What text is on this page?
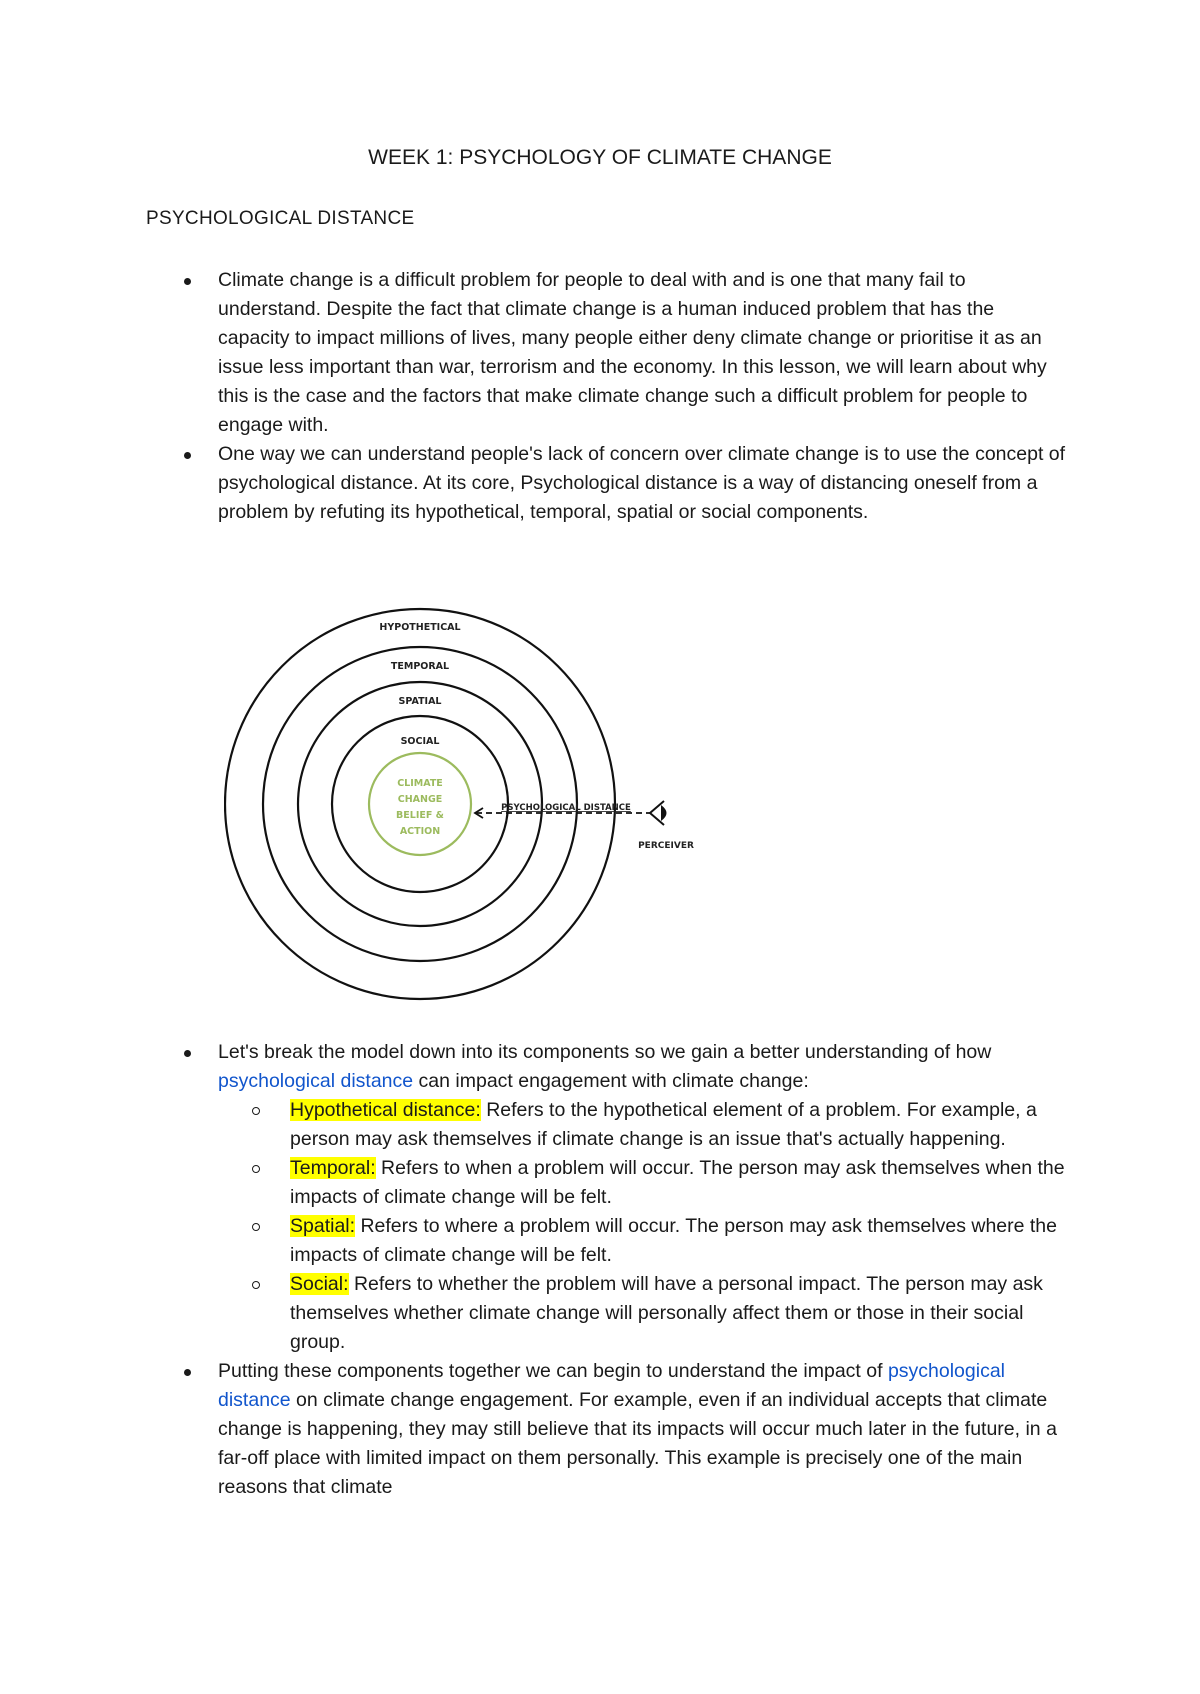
WEEK 1: PSYCHOLOGY OF CLIMATE CHANGE
PSYCHOLOGICAL DISTANCE
Climate change is a difficult problem for people to deal with and is one that many fail to understand. Despite the fact that climate change is a human induced problem that has the capacity to impact millions of lives, many people either deny climate change or prioritise it as an issue less important than war, terrorism and the economy. In this lesson, we will learn about why this is the case and the factors that make climate change such a difficult problem for people to engage with.
One way we can understand people's lack of concern over climate change is to use the concept of psychological distance. At its core, Psychological distance is a way of distancing oneself from a problem by refuting its hypothetical, temporal, spatial or social components.
HYPOTHETICAL
TEMPORAL
SPATIAL
SOCIAL
CLIMATE
CHANGE
BELIEF &
ACTION
PSYCHOLOGICAL DISTANCE
PERCEIVER
Let's break the model down into its components so we gain a better understanding of how psychological distance can impact engagement with climate change:
Hypothetical distance: Refers to the hypothetical element of a problem. For example, a person may ask themselves if climate change is an issue that's actually happening.
Temporal: Refers to when a problem will occur. The person may ask themselves when the impacts of climate change will be felt.
Spatial: Refers to where a problem will occur. The person may ask themselves where the impacts of climate change will be felt.
Social: Refers to whether the problem will have a personal impact. The person may ask themselves whether climate change will personally affect them or those in their social group.
Putting these components together we can begin to understand the impact of psychological distance on climate change engagement. For example, even if an individual accepts that climate change is happening, they may still believe that its impacts will occur much later in the future, in a far-off place with limited impact on them personally. This example is precisely one of the main reasons that climate
